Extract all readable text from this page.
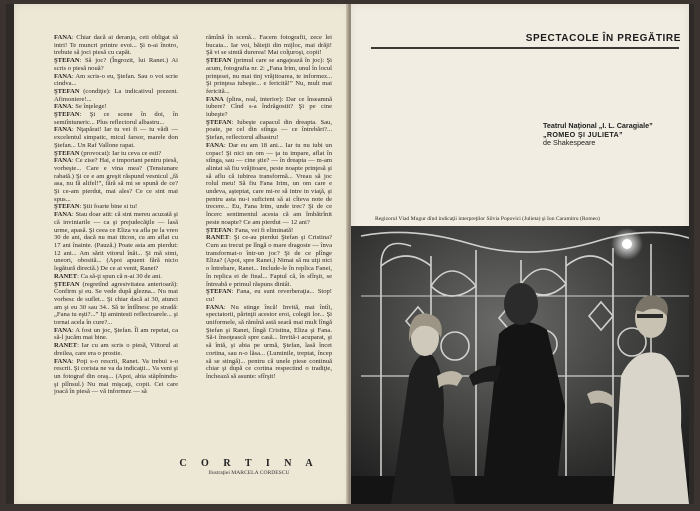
FANA: Chiar dacă ai deranja, ceti obligat să intri! Te muncri printre evoi... Şi n-ai înotro, trebuie să joci piesă cu capăt.

ŞTEFAN: Să joc? (Îngrozit, lui Ranet.) Ai scris o piesă nouă?

FANA: Am scris-o eu, Ştefan. Sau o voi scrie cindva...

ŞTEFAN (condiţie): La indicativul prezent. Afimoniere!...

FANA: Se înţelege!

ŞTEFAN: Şi ce scene în doi, în semiîntuneric... Plus reflectorul albastru...

FANA: Nţapărat! Iar tu vei fi — tu vădi — excelentul simpatic, micul farsor, marele don Ştefan... Un Raf Vallone rapat.

ŞTEFAN (provocat): Iar tu ceva ce esti?

FANA: Ce zise? Hai, e important pentru piesă, vorbeşte... Care e vina mea? (Tensiunare rabată.) Şi ce e am greşit răspund vesnicul „fă asa, nu fă altfel!”, fără să mi se spună de ce? Şi ce-am pierdut, mai ales? Ce ce sint mai spus...

ŞTEFAN: Ştii foarte bine si tu!

FANA: Stau doar atit: că sint mereu acuzată şi că inviniarile — ca şi prejudecăţile — lasă urme, apasă. Şi ceea ce Eliza va afla pe la vreo 30 de ani, dacă nu mai titcon, cu am aflat cu 17 ani înainte. (Pauză.) Poate asta am pierdut: 12 ani... Am sărit vitorul înăi... Şi mă simt, uneori, obosită... (Apoi apuent fără nicio legătură directă.) De ce ai venit, Ranet?

RANET: Ca să-ţi spun că n-ai 30 de ani.

ŞTEFAN (regretînd agresivitatea anterioară): Confirm şi eu. Se vede după glezna... Nu mai vorbesc de suflet... Şi chiar dacă ai 30, atunci am şi eu 30 sau 34.. Să te întîlnesc pe stradă: „Fana tu eşti?...” Iţi amintesti reflectoarele... şi tornai acela în cure?...

FANA: A fost un joc, Ştefan. Îl am repetat, ca să-l jucăm mai bine.

RANET: Iar cu am scris o piesă, Viitorul ai dreilea, care era o prostie.

FANA: Poţi s-o rescrii, Ranet. Va trebui s-o rescrii. Şi corista ne va da indicaţii... Va veni şi un fotograf din oraş... (Apoi, abia stăpînindu-şi plînsul.) Nu mai mişcaţi, copii. Cei care joacă în piesă — vă informez — să

rămînă în scenă... Facem fotografii, zece lei bucata... Iar voi, băieţii din mijloc, mai drăji! Şă vi se simtă durerea! Mai colţuroşi, copii!

ŞTEFAN (primul care se angajează în joc): Şi acum, fotografia nr. 2: „Fana Irim, unul în locul prinţesei, nu mai tinj vrăjitoarea, te informez... Şi prinţesa iubeşte... e fericită!” Nu, mult mai fericită...

FANA (plins, real, interior): Dar ce înseamnă iubere? Cînd s-a îndrăgostit? Şi pe cine iubeşte?

ŞTEFAN: Iubeşte capacul din dreapta. Sau, poate, pe cel din stînga — ce întrebări?... Ştefan, reflectorul albastru!

FANA: Dar eu am 18 ani... Iar tu nu iubi un copac! Şi nici un om — ţa tu impare, aflat în stînga, sau — cine ştie? — în dreapta — m-am alintat să fiu vrăjitoare, peste noapte prinţesă şi să aflu că iubirea transformă... Vreau să joc rolul meu! Să fiu Fana Irim, un om care e undeva, aşteptat, care mi-re să intre in viaţă, şi pentru asta nu-i suficient să ai cîteva note de trecere... Eu, Fana Irim, unde trec? Şi de ce încerc sentimentul acesta că am îmbătrînit peste noapte? Ce am pierdut — 12 ani?

ŞTEFAN: Fana, vei fi eliminată!

RANET: Şi ce-au pierdut Ştefan şi Cristina? Cum au trecut pe lîngă o mare dragoste — înva transformat-o într-un joc? Şi de ce plînge Eliza? (Apoi, spre Ranet.) Nimai să nu uiţi nici o întrebare, Ranet... Include-le în replica Fanei, în replica ei de final... Faptul că, în sfîrşit, se întreabă e primul răspuns dintâi.

ŞTEFAN: Fana, eu sunt reverberaţia... Stop! cu!

FANA: Nu stinge încă! Invită, mai întîi, spectatorii, părinţii acestor eroi, colegii lor... Şi uniformele, să rămînă astă seară mai mult lîngă Ştefan şi Ranet, lîngă Cristina, Eliza şi Fana. Să-i însoţească spre casă... Invită-i acuparat, şi să întă, şi abia pe urmă, Ştefan, lasă încet cortina, sau n-o lăsa... (Luminile, treptat, încep să se stingă)... pentru că unele piese continuă chiar şi după ce cortina respectind o tradiţie, închează să asunte: sfîrşit!

C O R T I N A
Ilustraţiei MARCELA CORDESCU
SPECTACOLE ÎN PREGĂTIRE
Teatrul Naţional „I. L. Caragiale”
„ROMEO ŞI JULIETA”
de Shakespeare
Regizorul Vlad Mugur dînd indicaţii interpreţilor Silvia Popovici (Julieta) şi Ion Caramitru (Romeo)
